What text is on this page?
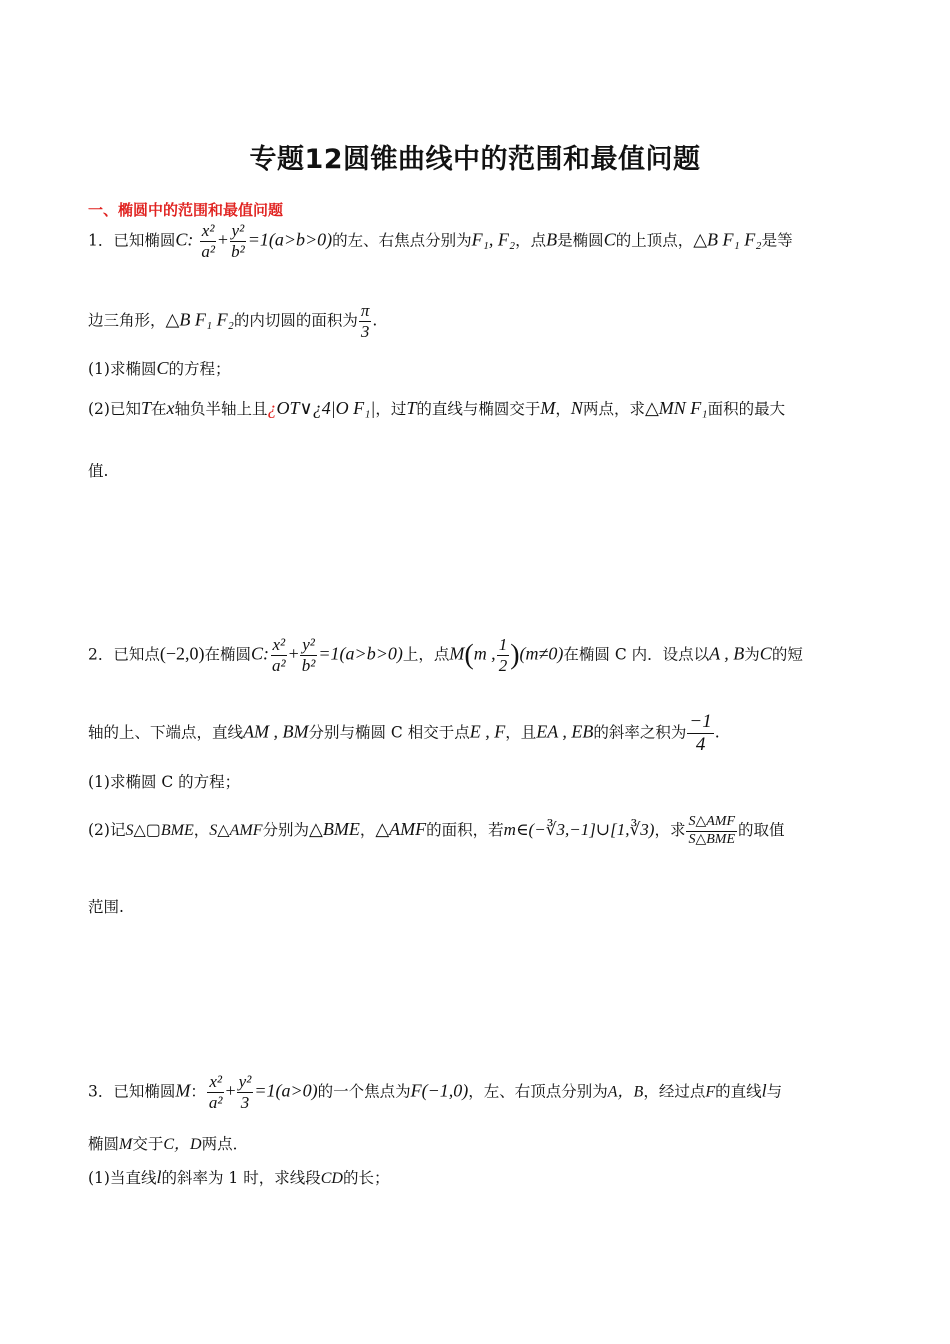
专题12圆锥曲线中的范围和最值问题
一、椭圆中的范围和最值问题
1．已知椭圆C: $\frac{\text{x²}}{\text{a²}} + \frac{\text{y²}}{\text{b²}} =1(a>b>0)$的左、右焦点分别为F₁, F₂，点B是椭圆C的上顶点，△B F₁ F₂是等
边三角形，△B F₁ F₂的内切圆的面积为 $\frac{\pi}{3}$ .
(1)求椭圆C的方程；
(2)已知T在x轴负半轴上且¿OT∨¿4|O F₁|，过T的直线与椭圆交于M，N两点，求△MN F₁面积的最大
值.
2．已知点(−2,0)在椭圆C: $\frac{\text{x²}}{\text{a²}} + \frac{\text{y²}}{\text{b²}} =1(a>b>0)$上，点M(m , $\frac{1}{2} )(m\ne 0)$在椭圆 C 内．设点以A , B为C的短
轴的上、下端点，直线AM , BM分别与椭圆 C 相交于点E , F，且EA , EB的斜率之积为 $\frac{-1}{4}$ .
(1)求椭圆 C 的方程；
(2)记S△▢BME，S△AMF分别为△BME，△AMF的面积，若m∈(−∛3,−1]∪[1,∛3)，求 $\frac{\text{S△AMF}}{\text{S△BME}}$ 的取值
范围.
3．已知椭圆M： $\frac{\text{x²}}{\text{a²}} + \frac{\text{y²}}{3} =1(a>0)$的一个焦点为F(−1,0)，左、右顶点分别为A，B，经过点F的直线l与
椭圆M交于C，D两点．
(1)当直线l的斜率为 1 时，求线段CD的长；
